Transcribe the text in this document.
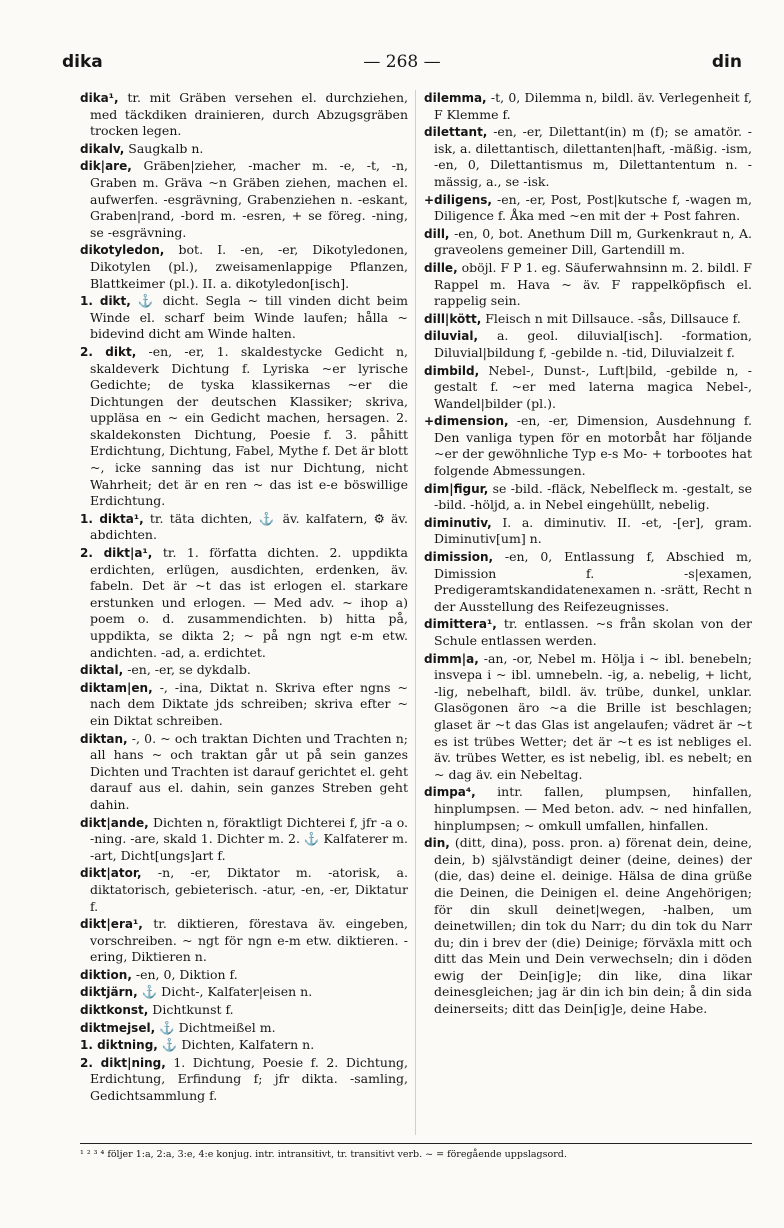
dika	— 268 —	din

dika¹, tr. mit Gräben versehen el. durchziehen, med täckdiken drainieren, durch Abzugsgräben trocken legen.

dikalv, Saugkalb n.

dik|are, Gräben|zieher, -macher m. -e, -t, -n, Graben m. Gräva ~n Gräben ziehen, machen el. aufwerfen. -esgrävning, Grabenziehen n. -eskant, Graben|rand, -bord m. -esren, + se föreg. -ning, se -esgrävning.

dikotyledon, bot. I. -en, -er, Dikotyledonen, Dikotylen (pl.), zweisamenlappige Pflanzen, Blattkeimer (pl.). II. a. dikotyledon[isch].

1. dikt, ⚓ dicht. Segla ~ till vinden dicht beim Winde el. scharf beim Winde laufen; hålla ~ bidevind dicht am Winde halten.

2. dikt, -en, -er, 1. skaldestycke Gedicht n, skaldeverk Dichtung f. Lyriska ~er lyrische Gedichte; de tyska klassikernas ~er die Dichtungen der deutschen Klassiker; skriva, uppläsa en ~ ein Gedicht machen, hersagen. 2. skaldekonsten Dichtung, Poesie f. 3. påhitt Erdichtung, Dichtung, Fabel, Mythe f. Det är blott ~, icke sanning das ist nur Dichtung, nicht Wahrheit; det är en ren ~ das ist e-e böswillige Erdichtung.

1. dikta¹, tr. täta dichten, ⚓ äv. kalfatern, ⚙ äv. abdichten.

2. dikt|a¹, tr. 1. författa dichten. 2. uppdikta erdichten, erlügen, ausdichten, erdenken, äv. fabeln. Det är ~t das ist erlogen el. starkare erstunken und erlogen. — Med adv. ~ ihop a) poem o. d. zusammendichten. b) hitta på, uppdikta, se dikta 2; ~ på ngn ngt e-m etw. andichten. -ad, a. erdichtet.

diktal, -en, -er, se dykdalb.

diktam|en, -, -ina, Diktat n. Skriva efter ngns ~ nach dem Diktate jds schreiben; skriva efter ~ ein Diktat schreiben.

diktan, -, 0. ~ och traktan Dichten und Trachten n; all hans ~ och traktan går ut på sein ganzes Dichten und Trachten ist darauf gerichtet el. geht darauf aus el. dahin, sein ganzes Streben geht dahin.

dikt|ande, Dichten n, föraktligt Dichterei f, jfr -a o. -ning. -are, skald 1. Dichter m. 2. ⚓ Kalfaterer m. -art, Dicht[ungs]art f.

dikt|ator, -n, -er, Diktator m. -atorisk, a. diktatorisch, gebieterisch. -atur, -en, -er, Diktatur f.

dikt|era¹, tr. diktieren, förestava äv. eingeben, vorschreiben. ~ ngt för ngn e-m etw. diktieren. -ering, Diktieren n.

diktion, -en, 0, Diktion f.

diktjärn, ⚓ Dicht-, Kalfater|eisen n.

diktkonst, Dichtkunst f.

diktmejsel, ⚓ Dichtmeißel m.

1. diktning, ⚓ Dichten, Kalfatern n.

2. dikt|ning, 1. Dichtung, Poesie f. 2. Dichtung, Erdichtung, Erfindung f; jfr dikta. -samling, Gedichtsammlung f.

dilemma, -t, 0, Dilemma n, bildl. äv. Verlegenheit f, F Klemme f.

dilettant, -en, -er, Dilettant(in) m (f); se amatör. -isk, a. dilettantisch, dilettanten|haft, -mäßig. -ism, -en, 0, Dilettantismus m, Dilettantentum n. -mässig, a., se -isk.

+diligens, -en, -er, Post, Post|kutsche f, -wagen m, Diligence f. Åka med ~en mit der + Post fahren.

dill, -en, 0, bot. Anethum Dill m, Gurkenkraut n, A. graveolens gemeiner Dill, Gartendill m.

dille, oböjl. F P 1. eg. Säuferwahnsinn m. 2. bildl. F Rappel m. Hava ~ äv. F rappelköpfisch el. rappelig sein.

dill|kött, Fleisch n mit Dillsauce. -sås, Dillsauce f.

diluvial, a. geol. diluvial[isch]. -formation, Diluvial|bildung f, -gebilde n. -tid, Diluvialzeit f.

dimbild, Nebel-, Dunst-, Luft|bild, -gebilde n, -gestalt f. ~er med laterna magica Nebel-, Wandel|bilder (pl.).

+dimension, -en, -er, Dimension, Ausdehnung f. Den vanliga typen för en motorbåt har följande ~er der gewöhnliche Typ e-s Mo- + torbootes hat folgende Abmessungen.

dim|figur, se -bild. -fläck, Nebelfleck m. -gestalt, se -bild. -höljd, a. in Nebel eingehüllt, nebelig.

diminutiv, I. a. diminutiv. II. -et, -[er], gram. Diminutiv[um] n.

dimission, -en, 0, Entlassung f, Abschied m, Dimission f. -s|examen, Predigeramtskandidatenexamen n. -srätt, Recht n der Ausstellung des Reifezeugnisses.

dimittera¹, tr. entlassen. ~s från skolan von der Schule entlassen werden.

dimm|a, -an, -or, Nebel m. Hölja i ~ ibl. benebeln; insvepa i ~ ibl. umnebeln. -ig, a. nebelig, + licht, -lig, nebelhaft, bildl. äv. trübe, dunkel, unklar. Glasögonen äro ~a die Brille ist beschlagen; glaset är ~t das Glas ist angelaufen; vädret är ~t es ist trübes Wetter; det är ~t es ist nebliges el. äv. trübes Wetter, es ist nebelig, ibl. es nebelt; en ~ dag äv. ein Nebeltag.

dimpa⁴, intr. fallen, plumpsen, hinfallen, hinplumpsen. — Med beton. adv. ~ ned hinfallen, hinplumpsen; ~ omkull umfallen, hinfallen.

din, (ditt, dina), poss. pron. a) förenat dein, deine, dein, b) självständigt deiner (deine, deines) der (die, das) deine el. deinige. Hälsa de dina grüße die Deinen, die Deinigen el. deine Angehörigen; för din skull deinet|wegen, -halben, um deinetwillen; din tok du Narr; du din tok du Narr du; din i brev der (die) Deinige; förväxla mitt och ditt das Mein und Dein verwechseln; din i döden ewig der Dein[ig]e; din like, dina likar deinesgleichen; jag är din ich bin dein; å din sida deinerseits; ditt das Dein[ig]e, deine Habe.

¹ ² ³ ⁴ följer 1:a, 2:a, 3:e, 4:e konjug. intr. intransitivt, tr. transitivt verb. ~ = föregående uppslagsord.
